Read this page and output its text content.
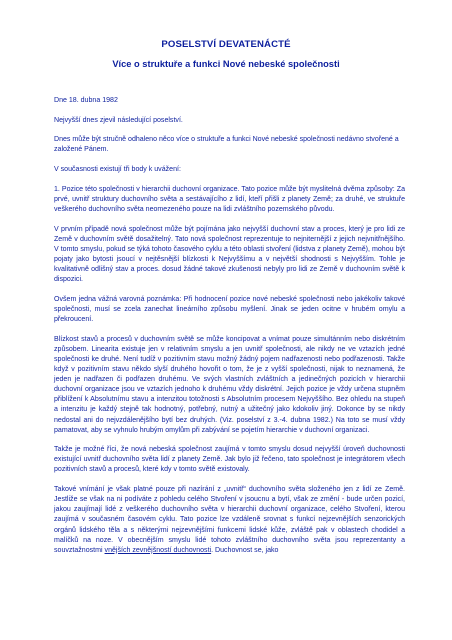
POSELSTVÍ DEVATENÁCTÉ
Více o struktuře a funkci Nové nebeské společnosti

Dne 18. dubna 1982

Nejvyšší dnes zjevil následující poselství.

Dnes může být stručně odhaleno něco více o struktuře a funkci Nové nebeské společnosti nedávno stvořené a založené Pánem.

V současnosti existují tři body k uvážení:

1. Pozice této společnosti v hierarchii duchovní organizace. Tato pozice může být myslitelná dvěma způsoby: Za prvé, uvnitř struktury duchovního světa a sestávajícího z lidí, kteří přišli z planety Země; za druhé, ve struktuře veškerého duchovního světa neomezeného pouze na lidi zvláštního pozemského původu.

V prvním případě nová společnost může být pojímána jako nejvyšší duchovní stav a proces, který je pro lidi ze Země v duchovním světě dosažitelný. Tato nová společnost reprezentuje to nejniternější z jejich nejvnitřnějšího. V tomto smyslu, pokud se týká tohoto časového cyklu a této oblasti stvoření (lidstva z planety Země), mohou být pojaty jako bytosti jsoucí v nejtěsnější blízkosti k Nejvyššímu a v největší shodnosti s Nejvyšším. Tohle je kvalitativně odlišný stav a proces. dosud žádné takové zkušenosti nebyly pro lidi ze Země v duchovním světě k dispozici.

Ovšem jedna vážná varovná poznámka: Při hodnocení pozice nové nebeské společnosti nebo jakékoliv takové společnosti, musí se zcela zanechat lineárního způsobu myšlení. Jinak se jeden ocitne v hrubém omylu a překroucení.

Blízkost stavů a procesů v duchovním světě se může koncipovat a vnímat pouze simultánním nebo diskrétním způsobem. Linearita existuje jen v relativním smyslu a jen uvnitř společnosti, ale nikdy ne ve vztazích jedné společnosti ke druhé. Není tudíž v pozitivním stavu možný žádný pojem nadřazenosti nebo podřazenosti. Takže když v pozitivním stavu někdo slyší druhého hovořit o tom, že je z vyšší společnosti, nijak to neznamená, že jeden je nadřazen či podřazen druhému. Ve svých vlastních zvláštních a jedinečných pozicích v hierarchii duchovní organizace jsou ve vztazích jednoho k druhému vždy diskrétní. Jejich pozice je vždy určena stupněm přiblížení k Absolutnímu stavu a intenzitou totožnosti s Absolutním procesem Nejvyššího. Bez ohledu na stupeň a intenzitu je každý stejně tak hodnotný, potřebný, nutný a užitečný jako kdokoliv jiný. Dokonce by se nikdy nedostal ani do nejvzdálenějšího bytí bez druhých. (Viz. poselství z 3.-4. dubna 1982.) Na toto se musí vždy pamatovat, aby se vyhnulo hrubým omylům při zabývání se pojetím hierarchie v duchovní organizaci.

Takže je možné říci, že nová nebeská společnost zaujímá v tomto smyslu dosud nejvyšší úroveň duchovnosti existující uvnitř duchovního světa lidí z planety Země. Jak bylo již řečeno, tato společnost je integrátorem všech pozitivních stavů a procesů, které kdy v tomto světě existovaly.

Takové vnímání je však platné pouze při nazírání z „uvnitř“ duchovního světa složeného jen z lidí ze Země. Jestliže se však na ni podíváte z pohledu celého Stvoření v jsoucnu a bytí, však ze změní - bude určen pozicí, jakou zaujímají lidé z veškerého duchovního světa v hierarchii duchovní organizace, celého Stvoření, kterou zaujímá v současném časovém cyklu. Tato pozice lze vzdáleně srovnat s funkcí nejzevnějších senzorických orgánů lidského těla a s některými nejzevnějšími funkcemi lidské kůže, zvláště pak v oblastech chodidel a malíčků na noze. V obecnějším smyslu lidé tohoto zvláštního duchovního světa jsou reprezentanty a souvztažnostmi vnějších zevnějšností duchovnosti. Duchovnost se, jako
